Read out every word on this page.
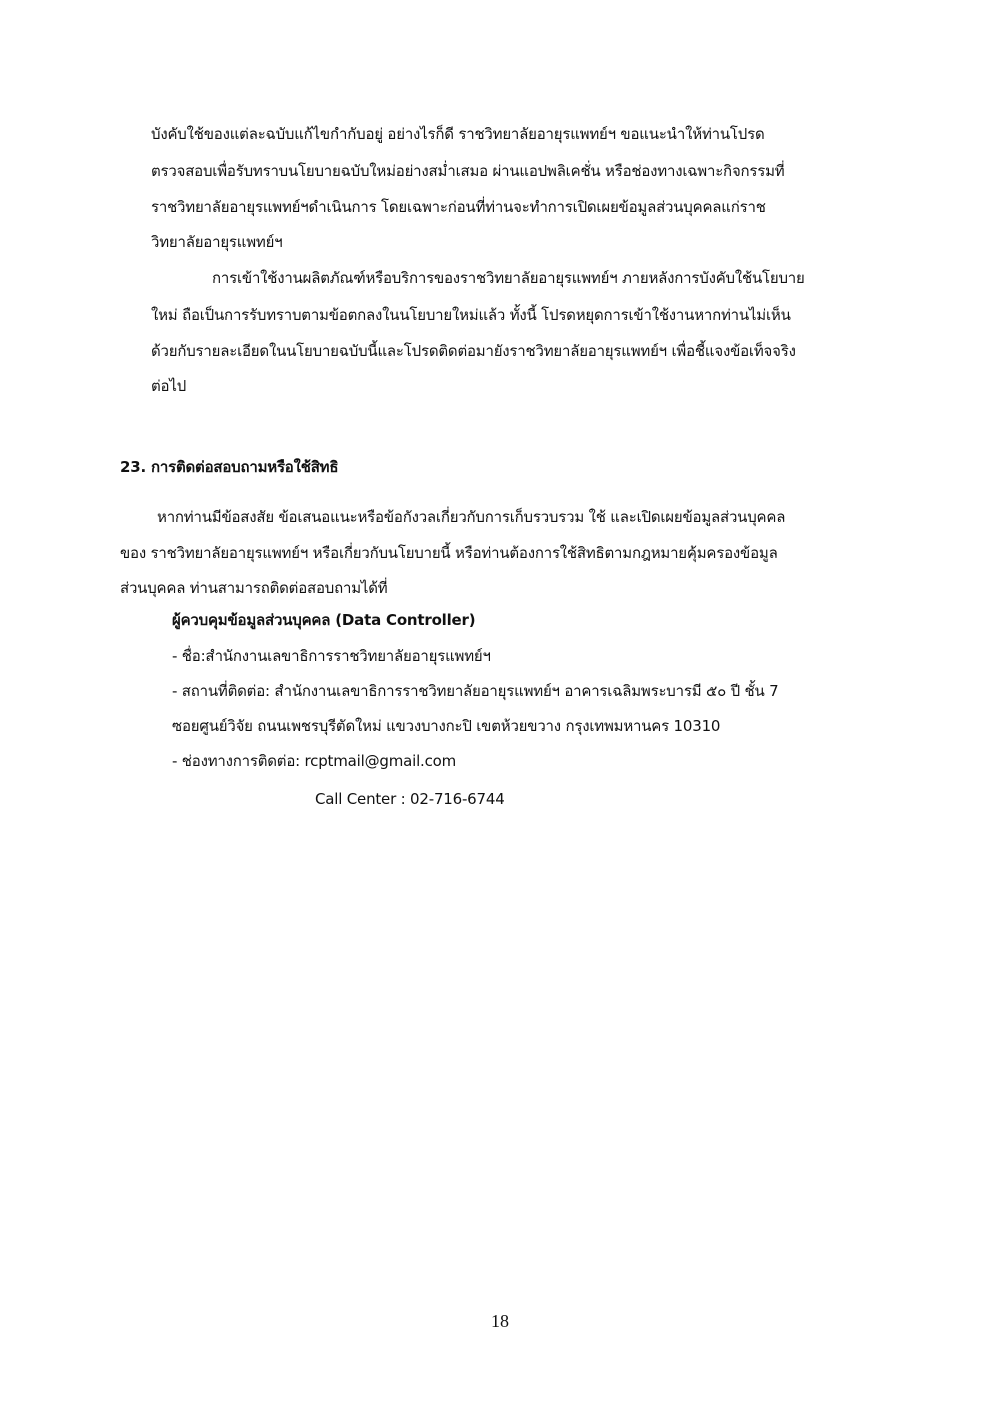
บังคับใช้ของแต่ละฉบับแก้ไขกำกับอยู่ อย่างไรก็ดี ราชวิทยาลัยอายุรแพทย์ฯ ขอแนะนำให้ท่านโปรด
ตรวจสอบเพื่อรับทราบนโยบายฉบับใหม่อย่างสม่ำเสมอ ผ่านแอปพลิเคชั่น หรือช่องทางเฉพาะกิจกรรมที่
ราชวิทยาลัยอายุรแพทย์ฯดำเนินการ โดยเฉพาะก่อนที่ท่านจะทำการเปิดเผยข้อมูลส่วนบุคคลแก่ราช
วิทยาลัยอายุรแพทย์ฯ
การเข้าใช้งานผลิตภัณฑ์หรือบริการของราชวิทยาลัยอายุรแพทย์ฯ ภายหลังการบังคับใช้นโยบาย
ใหม่ ถือเป็นการรับทราบตามข้อตกลงในนโยบายใหม่แล้ว ทั้งนี้ โปรดหยุดการเข้าใช้งานหากท่านไม่เห็น
ด้วยกับรายละเอียดในนโยบายฉบับนี้และโปรดติดต่อมายังราชวิทยาลัยอายุรแพทย์ฯ เพื่อชี้แจงข้อเท็จจริง
ต่อไป
23. การติดต่อสอบถามหรือใช้สิทธิ
หากท่านมีข้อสงสัย ข้อเสนอแนะหรือข้อกังวลเกี่ยวกับการเก็บรวบรวม ใช้ และเปิดเผยข้อมูลส่วนบุคคล
ของ ราชวิทยาลัยอายุรแพทย์ฯ หรือเกี่ยวกับนโยบายนี้ หรือท่านต้องการใช้สิทธิตามกฎหมายคุ้มครองข้อมูล
ส่วนบุคคล ท่านสามารถติดต่อสอบถามได้ที่
ผู้ควบคุมข้อมูลส่วนบุคคล (Data Controller)
- ชื่อ:สำนักงานเลขาธิการราชวิทยาลัยอายุรแพทย์ฯ
- สถานที่ติดต่อ: สำนักงานเลขาธิการราชวิทยาลัยอายุรแพทย์ฯ อาคารเฉลิมพระบารมี ๕๐ ปี ชั้น 7
ซอยศูนย์วิจัย ถนนเพชรบุรีตัดใหม่ แขวงบางกะปิ เขตห้วยขวาง กรุงเทพมหานคร 10310
- ช่องทางการติดต่อ: rcptmail@gmail.com
Call Center : 02-716-6744
18
